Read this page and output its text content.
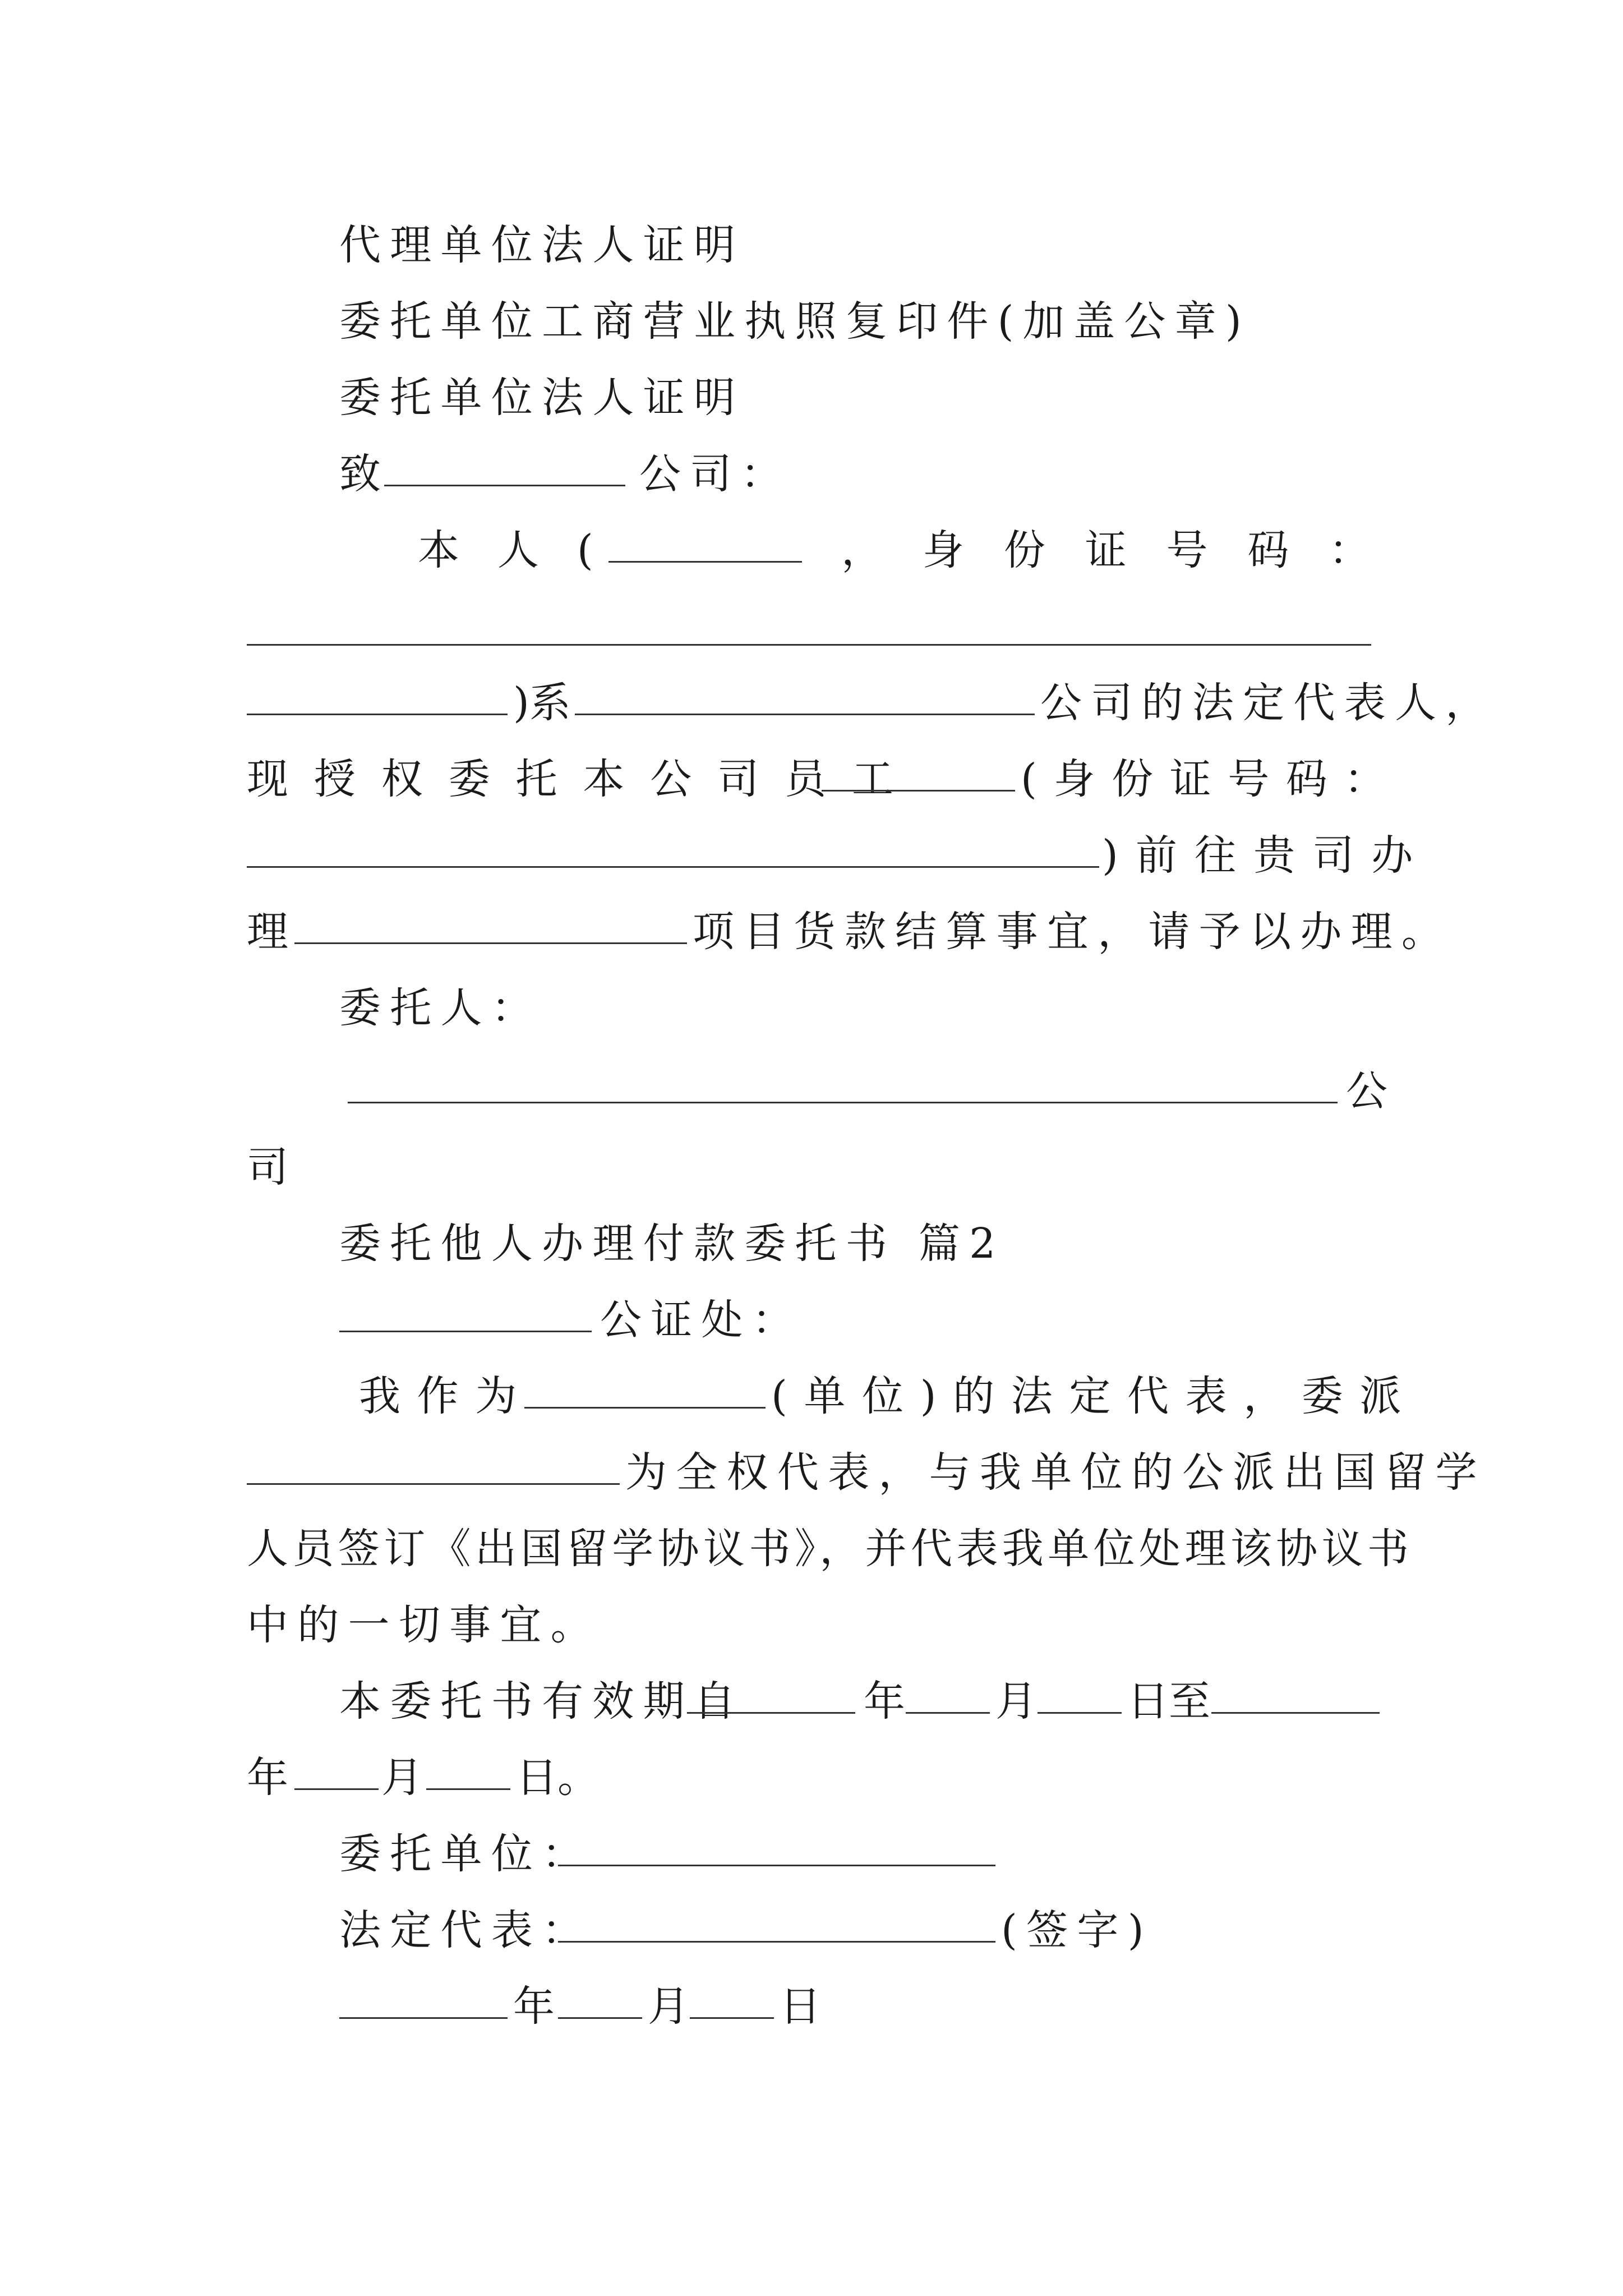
代理单位法人证明
委托单位工商营业执照复印件(加盖公章)
委托单位法人证明
致	公司：
本 人 (	， 身 份 证 号 码 ：
)系	公司的法定代表人，
现授权委托本公司员工 (身份证号码：
)前往贵司办
理	项目货款结算事宜，请予以办理。
委托人：
公
司
委托他人办理付款委托书 篇2
公证处：
我作为	(单位)的法定代表，委派
为全权代表，与我单位的公派出国留学
人员签订《出国留学协议书》，并代表我单位处理该协议书
中的一切事宜。
本委托书有效期自	年 月 日至
年 月 日。
委托单位：
法定代表：	(签字)
年 月 日
